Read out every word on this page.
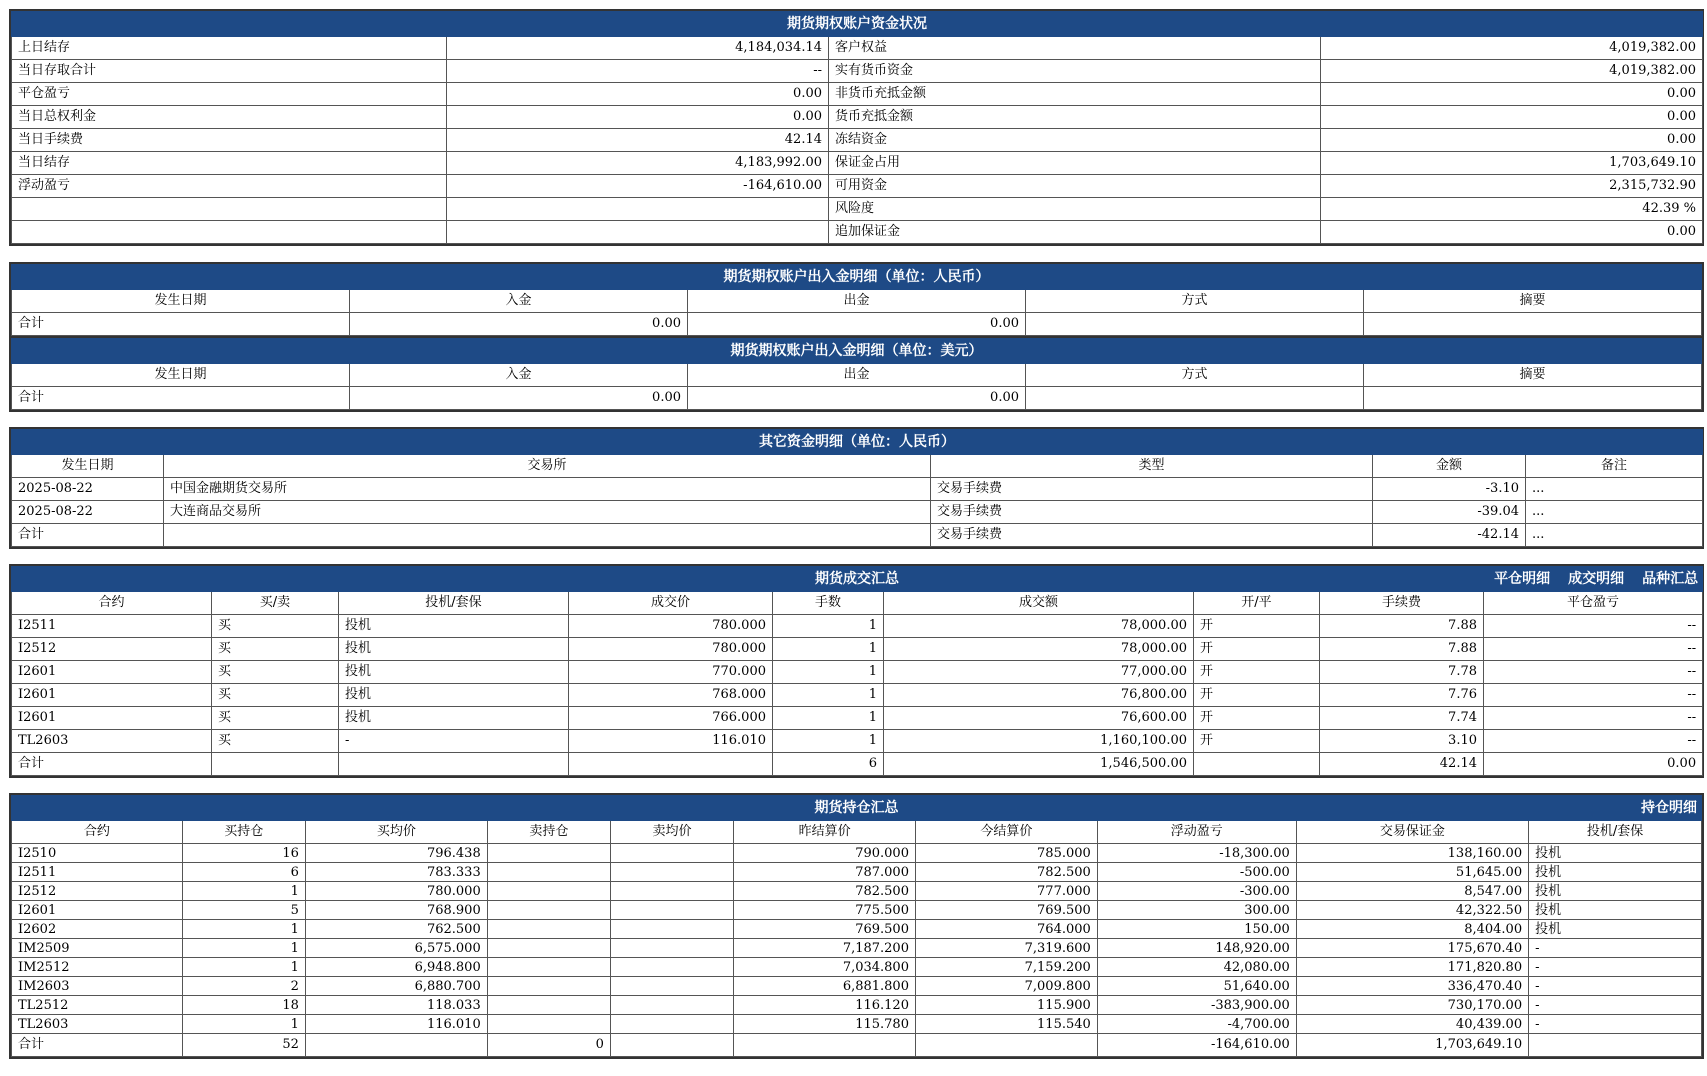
期货期权账户资金状况			
上日结存	4,184,034.14	客户权益	4,019,382.00
当日存取合计	--	实有货币资金	4,019,382.00
平仓盈亏	0.00	非货币充抵金额	0.00
当日总权利金	0.00	货币充抵金额	0.00
当日手续费	42.14	冻结资金	0.00
当日结存	4,183,992.00	保证金占用	1,703,649.10
浮动盈亏	-164,610.00	可用资金	2,315,732.90
		风险度	42.39 %
		追加保证金	0.00
期货期权账户出入金明细（单位：人民币）				
发生日期	入金	出金	方式	摘要
合计	0.00	0.00		
期货期权账户出入金明细（单位：美元）				
发生日期	入金	出金	方式	摘要
合计	0.00	0.00		
其它资金明细（单位：人民币）				
发生日期	交易所	类型	金额	备注
2025-08-22	中国金融期货交易所	交易手续费	-3.10	...
2025-08-22	大连商品交易所	交易手续费	-39.04	...
合计		交易手续费	-42.14	...
期货成交汇总 平仓明细 成交明细 品种汇总								

合约	买/卖	投机/套保	成交价	手数	成交额	开/平	手续费	平仓盈亏
I2511	买	投机	780.000	1	78,000.00	开	7.88	--
I2512	买	投机	780.000	1	78,000.00	开	7.88	--
I2601	买	投机	770.000	1	77,000.00	开	7.78	--
I2601	买	投机	768.000	1	76,800.00	开	7.76	--
I2601	买	投机	766.000	1	76,600.00	开	7.74	--
TL2603	买	-	116.010	1	1,160,100.00	开	3.10	--
合计				6	1,546,500.00		42.14	0.00
期货持仓汇总 持仓明细									

合约	买持仓	买均价	卖持仓	卖均价	昨结算价	今结算价	浮动盈亏	交易保证金	投机/套保
I2510	16	796.438			790.000	785.000	-18,300.00	138,160.00	投机
I2511	6	783.333			787.000	782.500	-500.00	51,645.00	投机
I2512	1	780.000			782.500	777.000	-300.00	8,547.00	投机
I2601	5	768.900			775.500	769.500	300.00	42,322.50	投机
I2602	1	762.500			769.500	764.000	150.00	8,404.00	投机
IM2509	1	6,575.000			7,187.200	7,319.600	148,920.00	175,670.40	-
IM2512	1	6,948.800			7,034.800	7,159.200	42,080.00	171,820.80	-
IM2603	2	6,880.700			6,881.800	7,009.800	51,640.00	336,470.40	-
TL2512	18	118.033			116.120	115.900	-383,900.00	730,170.00	-
TL2603	1	116.010			115.780	115.540	-4,700.00	40,439.00	-
合计	52		0				-164,610.00	1,703,649.10	
